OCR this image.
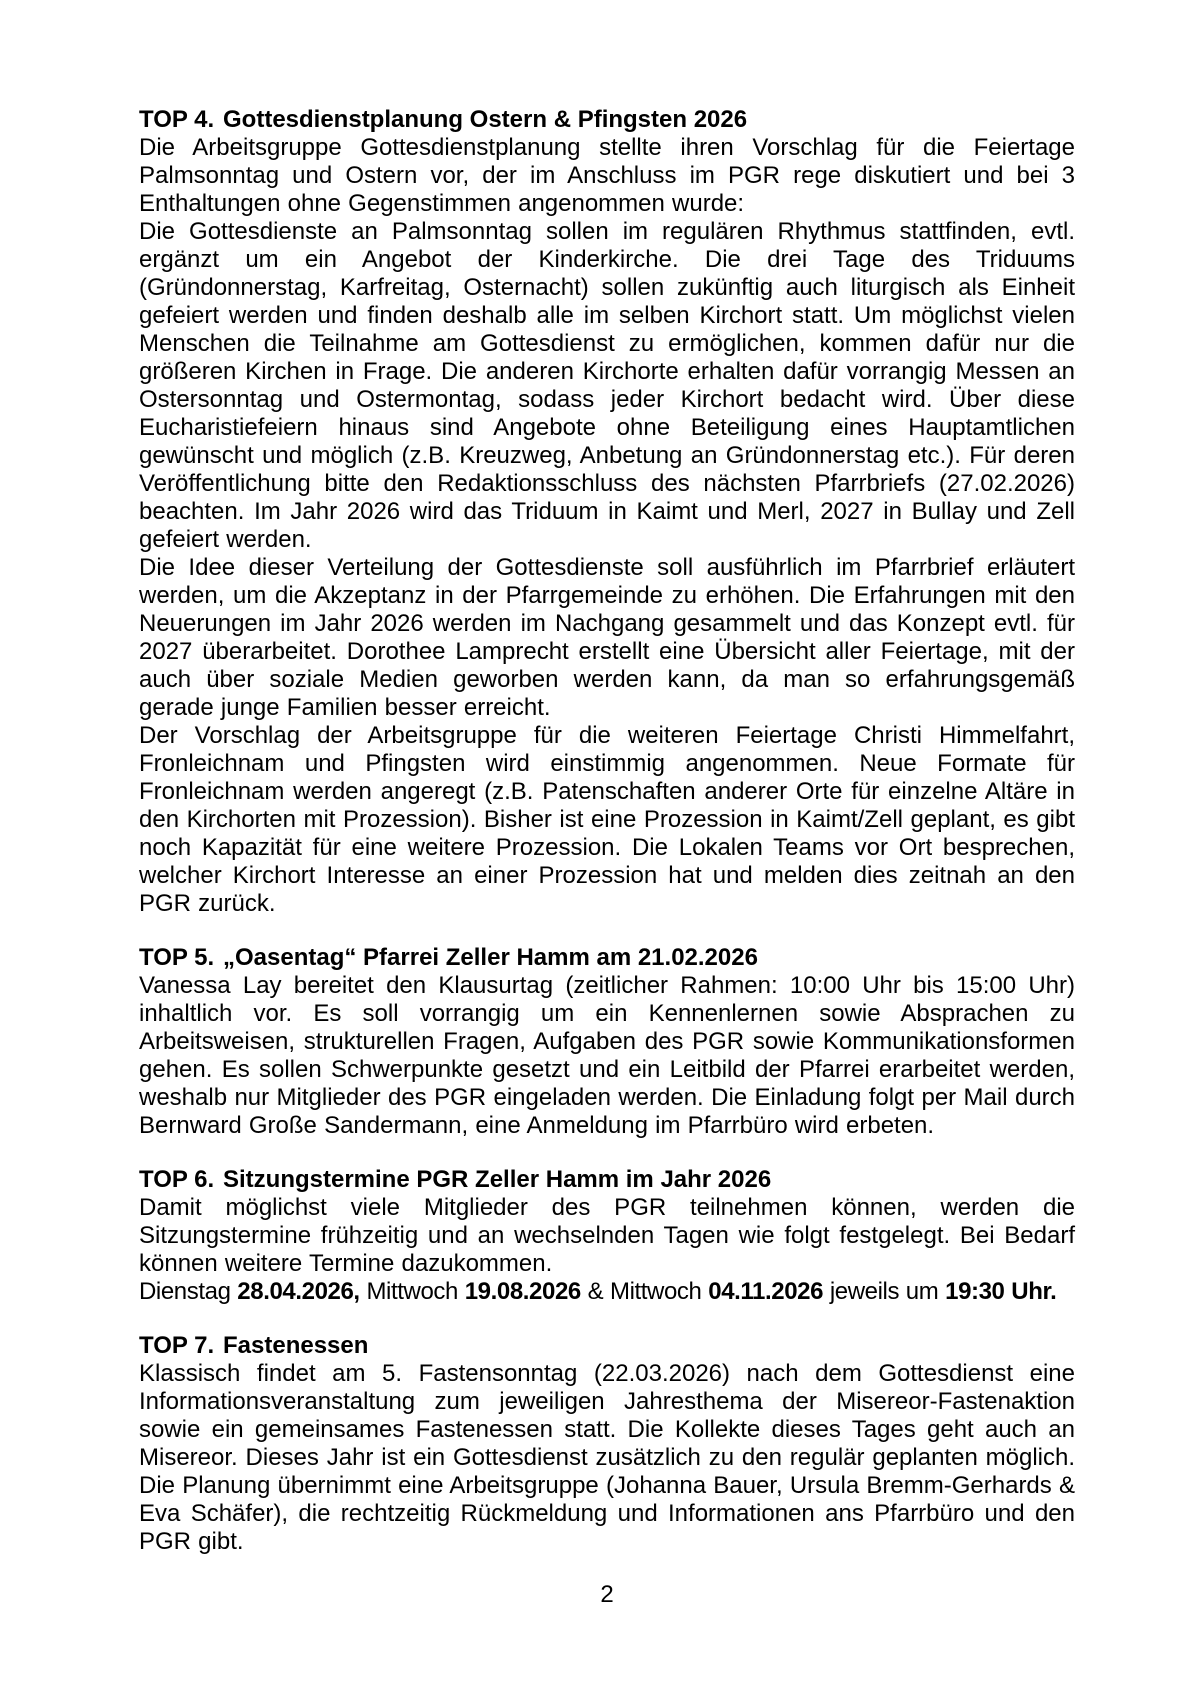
TOP 4. Gottesdienstplanung Ostern & Pfingsten 2026

Die Arbeitsgruppe Gottesdienstplanung stellte ihren Vorschlag für die Feiertage Palmsonntag und Ostern vor, der im Anschluss im PGR rege diskutiert und bei 3 Enthaltungen ohne Gegenstimmen angenommen wurde:

Die Gottesdienste an Palmsonntag sollen im regulären Rhythmus stattfinden, evtl. ergänzt um ein Angebot der Kinderkirche. Die drei Tage des Triduums (Gründonnerstag, Karfreitag, Osternacht) sollen zukünftig auch liturgisch als Einheit gefeiert werden und finden deshalb alle im selben Kirchort statt. Um möglichst vielen Menschen die Teilnahme am Gottesdienst zu ermöglichen, kommen dafür nur die größeren Kirchen in Frage. Die anderen Kirchorte erhalten dafür vorrangig Messen an Ostersonntag und Ostermontag, sodass jeder Kirchort bedacht wird. Über diese Eucharistiefeiern hinaus sind Angebote ohne Beteiligung eines Hauptamtlichen gewünscht und möglich (z.B. Kreuzweg, Anbetung an Gründonnerstag etc.). Für deren Veröffentlichung bitte den Redaktionsschluss des nächsten Pfarrbriefs (27.02.2026) beachten. Im Jahr 2026 wird das Triduum in Kaimt und Merl, 2027 in Bullay und Zell gefeiert werden.

Die Idee dieser Verteilung der Gottesdienste soll ausführlich im Pfarrbrief erläutert werden, um die Akzeptanz in der Pfarrgemeinde zu erhöhen. Die Erfahrungen mit den Neuerungen im Jahr 2026 werden im Nachgang gesammelt und das Konzept evtl. für 2027 überarbeitet. Dorothee Lamprecht erstellt eine Übersicht aller Feiertage, mit der auch über soziale Medien geworben werden kann, da man so erfahrungsgemäß gerade junge Familien besser erreicht.

Der Vorschlag der Arbeitsgruppe für die weiteren Feiertage Christi Himmelfahrt, Fronleichnam und Pfingsten wird einstimmig angenommen. Neue Formate für Fronleichnam werden angeregt (z.B. Patenschaften anderer Orte für einzelne Altäre in den Kirchorten mit Prozession). Bisher ist eine Prozession in Kaimt/Zell geplant, es gibt noch Kapazität für eine weitere Prozession. Die Lokalen Teams vor Ort besprechen, welcher Kirchort Interesse an einer Prozession hat und melden dies zeitnah an den PGR zurück.

TOP 5. „Oasentag“ Pfarrei Zeller Hamm am 21.02.2026

Vanessa Lay bereitet den Klausurtag (zeitlicher Rahmen: 10:00 Uhr bis 15:00 Uhr) inhaltlich vor. Es soll vorrangig um ein Kennenlernen sowie Absprachen zu Arbeitsweisen, strukturellen Fragen, Aufgaben des PGR sowie Kommunikationsformen gehen. Es sollen Schwerpunkte gesetzt und ein Leitbild der Pfarrei erarbeitet werden, weshalb nur Mitglieder des PGR eingeladen werden. Die Einladung folgt per Mail durch Bernward Große Sandermann, eine Anmeldung im Pfarrbüro wird erbeten.

TOP 6. Sitzungstermine PGR Zeller Hamm im Jahr 2026

Damit möglichst viele Mitglieder des PGR teilnehmen können, werden die Sitzungstermine frühzeitig und an wechselnden Tagen wie folgt festgelegt. Bei Bedarf können weitere Termine dazukommen.

Dienstag 28.04.2026, Mittwoch 19.08.2026 & Mittwoch 04.11.2026 jeweils um 19:30 Uhr.

TOP 7. Fastenessen

Klassisch findet am 5. Fastensonntag (22.03.2026) nach dem Gottesdienst eine Informationsveranstaltung zum jeweiligen Jahresthema der Misereor-Fastenaktion sowie ein gemeinsames Fastenessen statt. Die Kollekte dieses Tages geht auch an Misereor. Dieses Jahr ist ein Gottesdienst zusätzlich zu den regulär geplanten möglich. Die Planung übernimmt eine Arbeitsgruppe (Johanna Bauer, Ursula Bremm-Gerhards & Eva Schäfer), die rechtzeitig Rückmeldung und Informationen ans Pfarrbüro und den PGR gibt.

2
